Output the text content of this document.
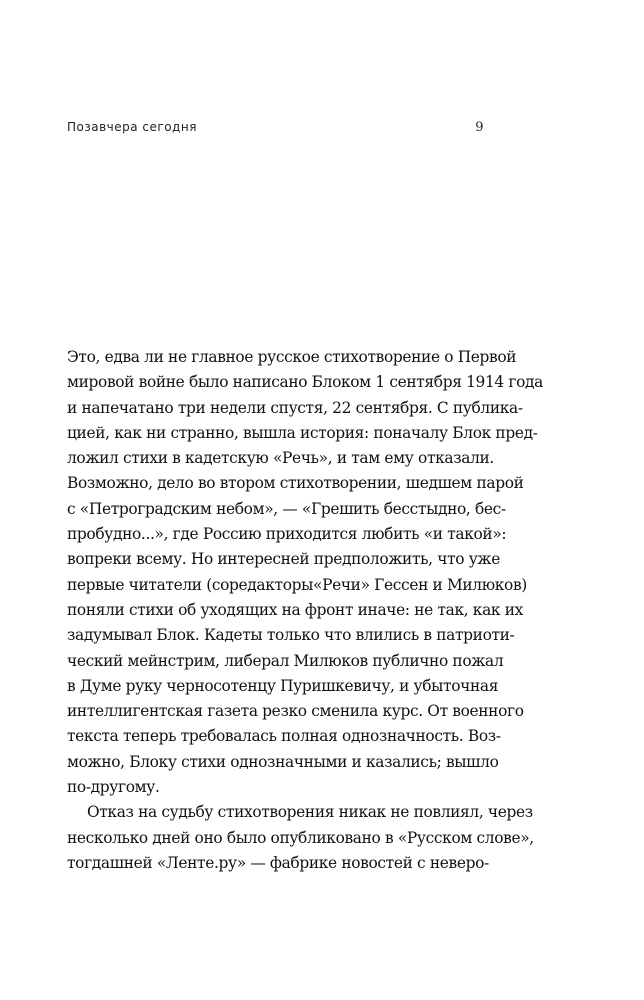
Позавчера сегодня	9
Это, едва ли не главное русское стихотворение о Первой
мировой войне было написано Блоком 1 сентября 1914 года
и напечатано три недели спустя, 22 сентября. С публика-
цией, как ни странно, вышла история: поначалу Блок пред-
ложил стихи в кадетскую «Речь», и там ему отказали.
Возможно, дело во втором стихотворении, шедшем парой
с «Петроградским небом», — «Грешить бесстыдно, бес-
пробудно...», где Россию приходится любить «и такой»:
вопреки всему. Но интересней предположить, что уже
первые читатели (соредакторы«Речи» Гессен и Милюков)
поняли стихи об уходящих на фронт иначе: не так, как их
задумывал Блок. Кадеты только что влились в патриоти-
ческий мейнстрим, либерал Милюков публично пожал
в Думе руку черносотенцу Пуришкевичу, и убыточная
интеллигентская газета резко сменила курс. От военного
текста теперь требовалась полная однозначность. Воз-
можно, Блоку стихи однозначными и казались; вышло
по-другому.
Отказ на судьбу стихотворения никак не повлиял, через
несколько дней оно было опубликовано в «Русском слове»,
тогдашней «Ленте.ру» — фабрике новостей с неверо-
